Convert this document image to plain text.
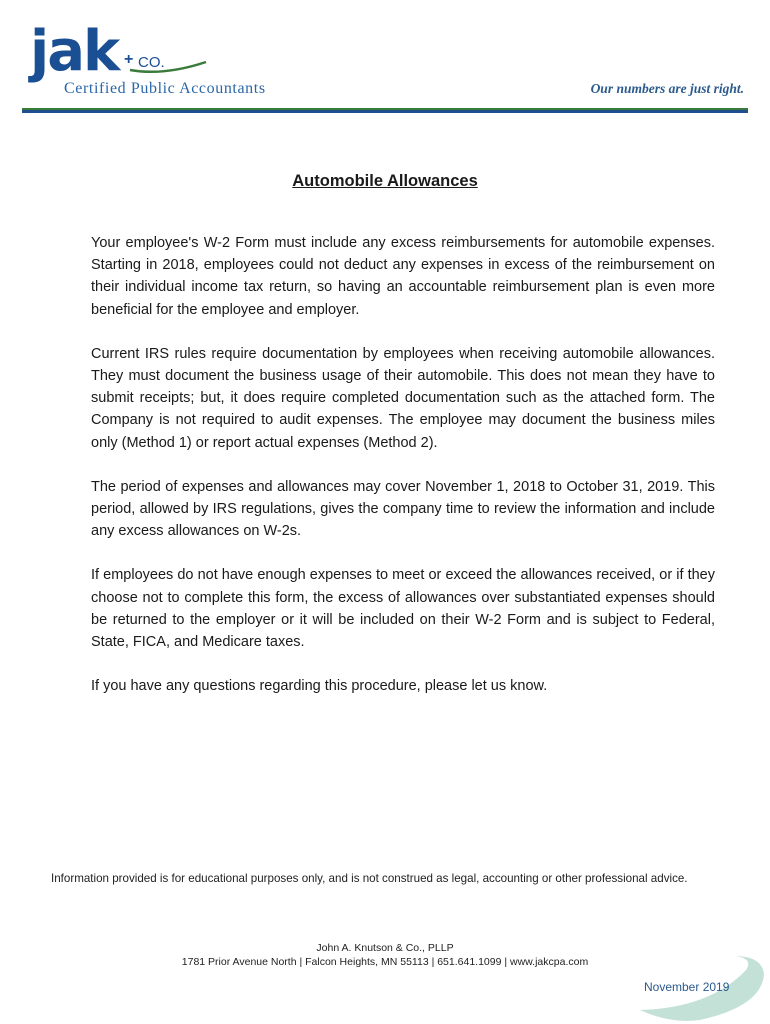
jak + CO.
Certified Public Accountants	Our numbers are just right.
Automobile Allowances

Your employee's W-2 Form must include any excess reimbursements for automobile expenses. Starting in 2018, employees could not deduct any expenses in excess of the reimbursement on their individual income tax return, so having an accountable reimbursement plan is even more beneficial for the employee and employer.

Current IRS rules require documentation by employees when receiving automobile allowances. They must document the business usage of their automobile. This does not mean they have to submit receipts; but, it does require completed documentation such as the attached form. The Company is not required to audit expenses. The employee may document the business miles only (Method 1) or report actual expenses (Method 2).

The period of expenses and allowances may cover November 1, 2018 to October 31, 2019. This period, allowed by IRS regulations, gives the company time to review the information and include any excess allowances on W-2s.

If employees do not have enough expenses to meet or exceed the allowances received, or if they choose not to complete this form, the excess of allowances over substantiated expenses should be returned to the employer or it will be included on their W-2 Form and is subject to Federal, State, FICA, and Medicare taxes.

If you have any questions regarding this procedure, please let us know.

Information provided is for educational purposes only, and is not construed as legal, accounting or other professional advice.
John A. Knutson & Co., PLLP
1781 Prior Avenue North | Falcon Heights, MN 55113 | 651.641.1099 | www.jakcpa.com
November 2019
